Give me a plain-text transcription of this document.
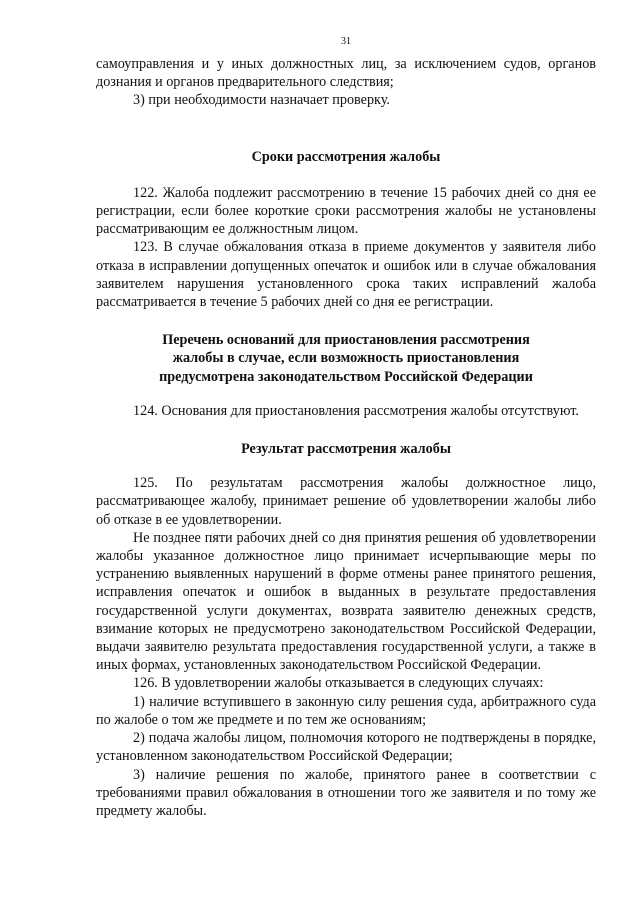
31

самоуправления и у иных должностных лиц, за исключением судов, органов дознания и органов предварительного следствия;

3) при необходимости назначает проверку.

Сроки рассмотрения жалобы

122. Жалоба подлежит рассмотрению в течение 15 рабочих дней со дня ее регистрации, если более короткие сроки рассмотрения жалобы не установлены рассматривающим ее должностным лицом.

123. В случае обжалования отказа в приеме документов у заявителя либо отказа в исправлении допущенных опечаток и ошибок или в случае обжалования заявителем нарушения установленного срока таких исправлений жалоба рассматривается в течение 5 рабочих дней со дня ее регистрации.

Перечень оснований для приостановления рассмотрения
жалобы в случае, если возможность приостановления
предусмотрена законодательством Российской Федерации

124. Основания для приостановления рассмотрения жалобы отсутствуют.

Результат рассмотрения жалобы

125. По результатам рассмотрения жалобы должностное лицо, рассматривающее жалобу, принимает решение об удовлетворении жалобы либо об отказе в ее удовлетворении.

Не позднее пяти рабочих дней со дня принятия решения об удовлетворении жалобы указанное должностное лицо принимает исчерпывающие меры по устранению выявленных нарушений в форме отмены ранее принятого решения, исправления опечаток и ошибок в выданных в результате предоставления государственной услуги документах, возврата заявителю денежных средств, взимание которых не предусмотрено законодательством Российской Федерации, выдачи заявителю результата предоставления государственной услуги, а также в иных формах, установленных законодательством Российской Федерации.

126. В удовлетворении жалобы отказывается в следующих случаях:

1) наличие вступившего в законную силу решения суда, арбитражного суда по жалобе о том же предмете и по тем же основаниям;

2) подача жалобы лицом, полномочия которого не подтверждены в порядке, установленном законодательством Российской Федерации;

3) наличие решения по жалобе, принятого ранее в соответствии с требованиями правил обжалования в отношении того же заявителя и по тому же предмету жалобы.
